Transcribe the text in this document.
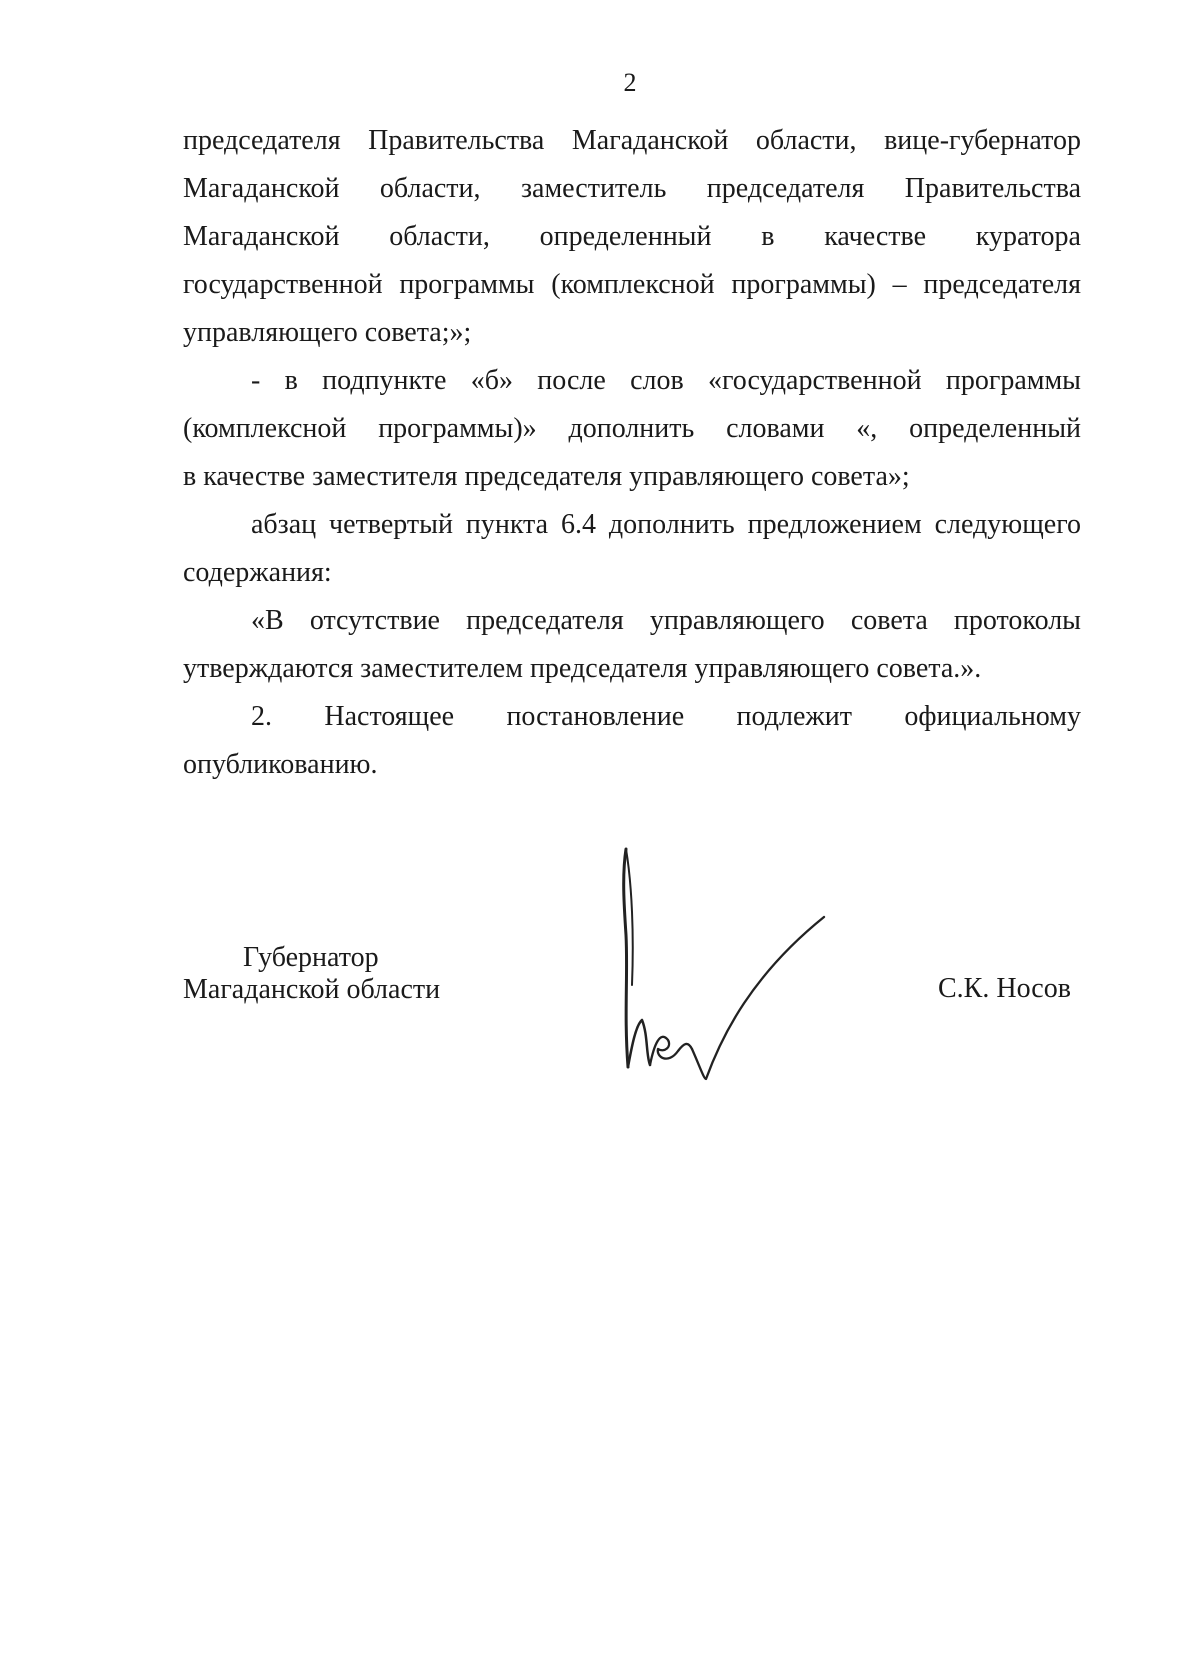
2
председателя Правительства Магаданской области, вице-губернатор
Магаданской области, заместитель председателя Правительства
Магаданской области, определенный в качестве куратора
государственной программы (комплексной программы) – председателя
управляющего совета;»;
- в подпункте «б» после слов «государственной программы
(комплексной программы)» дополнить словами «, определенный
в качестве заместителя председателя управляющего совета»;
абзац четвертый пункта 6.4 дополнить предложением следующего
содержания:
«В отсутствие председателя управляющего совета протоколы
утверждаются заместителем председателя управляющего совета.».
2. Настоящее постановление подлежит официальному
опубликованию.
Губернатор
Магаданской области	С.К. Носов
